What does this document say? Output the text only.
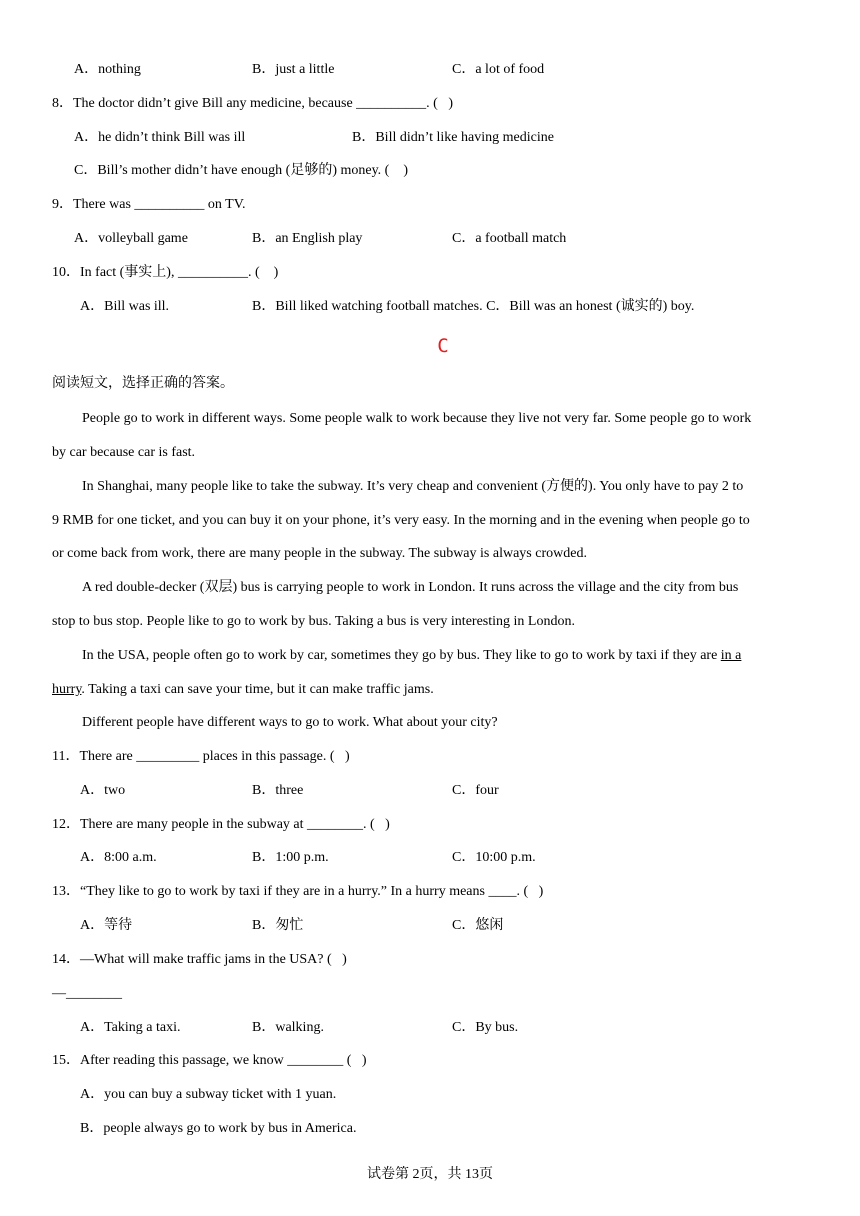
A．nothing	B．just a little	C．a lot of food
8．The doctor didn’t give Bill any medicine, because __________. (   )
A．he didn’t think Bill was ill	B．Bill didn’t like having medicine
C．Bill’s mother didn’t have enough (足够的) money. (    )
9．There was __________ on TV.
A．volleyball game	B．an English play	C．a football match
10．In fact (事实上), __________. (    )
A．Bill was ill.	B．Bill liked watching football matches. C．Bill was an honest (诚实的) boy.
C
阅读短文，选择正确的答案。
People go to work in different ways. Some people walk to work because they live not very far. Some people go to work
by car because car is fast.
In Shanghai, many people like to take the subway. It’s very cheap and convenient (方便的). You only have to pay 2 to
9 RMB for one ticket, and you can buy it on your phone, it’s very easy. In the morning and in the evening when people go to
or come back from work, there are many people in the subway. The subway is always crowded.
A red double-decker (双层) bus is carrying people to work in London. It runs across the village and the city from bus
stop to bus stop. People like to go to work by bus. Taking a bus is very interesting in London.
In the USA, people often go to work by car, sometimes they go by bus. They like to go to work by taxi if they are in a
hurry. Taking a taxi can save your time, but it can make traffic jams.
Different people have different ways to go to work. What about your city?
11．There are _________ places in this passage. (   )
A．two	B．three	C．four
12．There are many people in the subway at ________. (   )
A．8:00 a.m.	B．1:00 p.m.	C．10:00 p.m.
13．“They like to go to work by taxi if they are in a hurry.” In a hurry means ____. (   )
A．等待	B．匆忙	C．悠闲
14．—What will make traffic jams in the USA? (   )
—________
A．Taking a taxi.	B．walking.	C．By bus.
15．After reading this passage, we know ________ (   )
A．you can buy a subway ticket with 1 yuan.
B．people always go to work by bus in America.
试卷第 2页，共 13页
